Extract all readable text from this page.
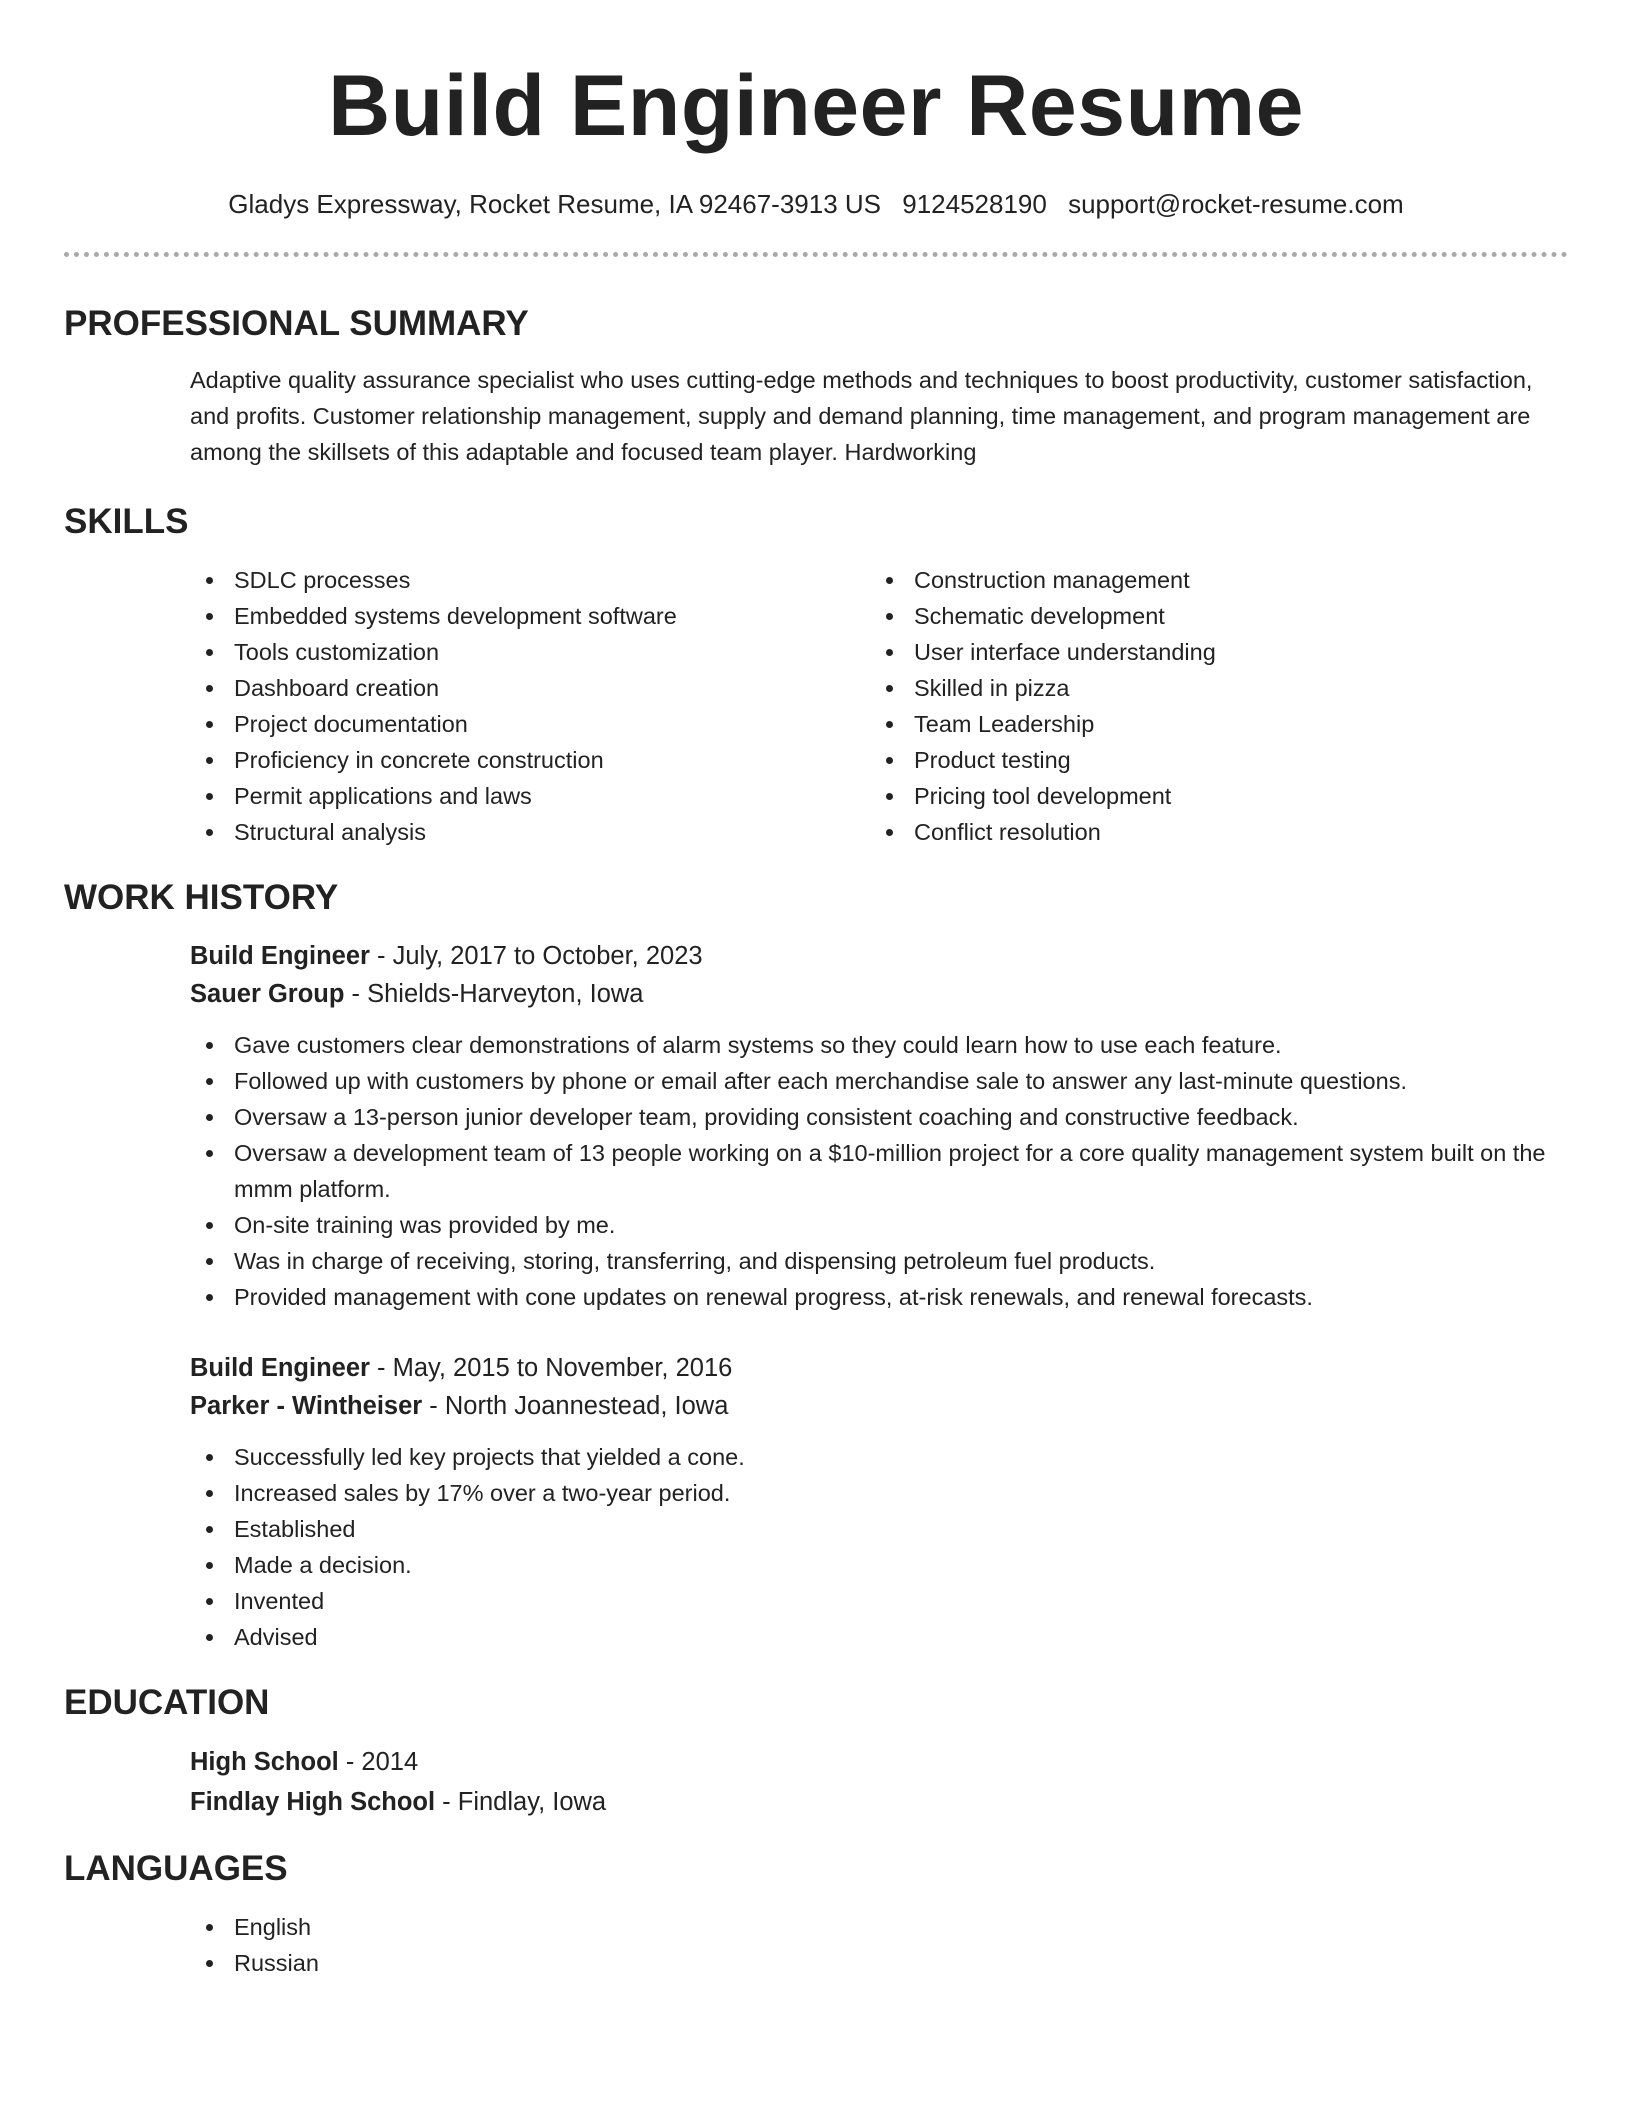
Build Engineer Resume
Gladys Expressway, Rocket Resume, IA 92467-3913 US 9124528190 support@rocket-resume.com
PROFESSIONAL SUMMARY

Adaptive quality assurance specialist who uses cutting-edge methods and techniques to boost productivity, customer satisfaction, and profits. Customer relationship management, supply and demand planning, time management, and program management are among the skillsets of this adaptable and focused team player. Hardworking

SKILLS
SDLC processes
Embedded systems development software
Tools customization
Dashboard creation
Project documentation
Proficiency in concrete construction
Permit applications and laws
Structural analysis
Construction management
Schematic development
User interface understanding
Skilled in pizza
Team Leadership
Product testing
Pricing tool development
Conflict resolution
WORK HISTORY
Build Engineer - July, 2017 to October, 2023
Sauer Group - Shields-Harveyton, Iowa
Gave customers clear demonstrations of alarm systems so they could learn how to use each feature.
Followed up with customers by phone or email after each merchandise sale to answer any last-minute questions.
Oversaw a 13-person junior developer team, providing consistent coaching and constructive feedback.
Oversaw a development team of 13 people working on a $10-million project for a core quality management system built on the mmm platform.
On-site training was provided by me.
Was in charge of receiving, storing, transferring, and dispensing petroleum fuel products.
Provided management with cone updates on renewal progress, at-risk renewals, and renewal forecasts.
Build Engineer - May, 2015 to November, 2016
Parker - Wintheiser - North Joannestead, Iowa
Successfully led key projects that yielded a cone.
Increased sales by 17% over a two-year period.
Established
Made a decision.
Invented
Advised
EDUCATION
High School - 2014
Findlay High School - Findlay, Iowa
LANGUAGES
English
Russian
